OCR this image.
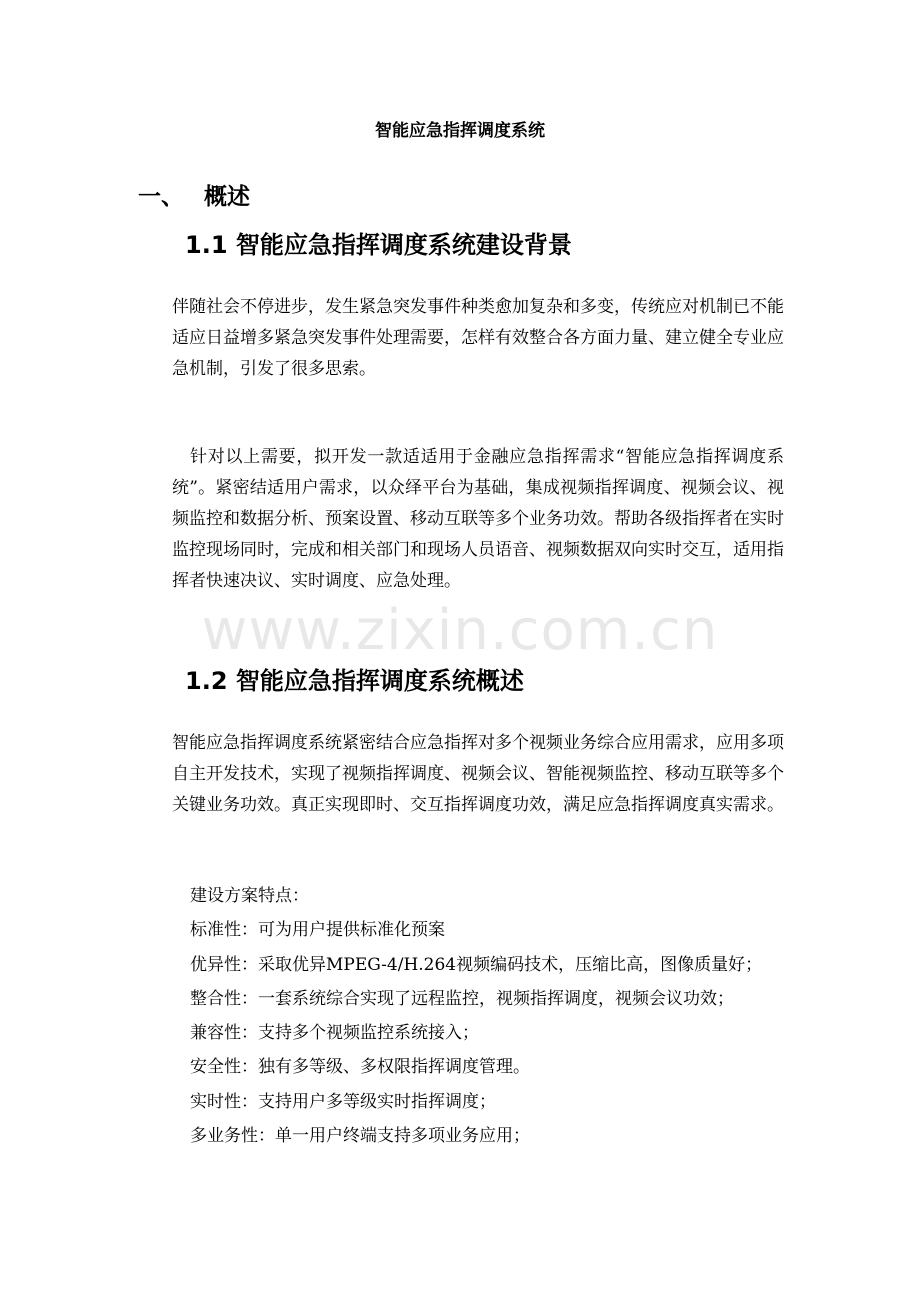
智能应急指挥调度系统
一、 概述
1.1 智能应急指挥调度系统建设背景

伴随社会不停进步，发生紧急突发事件种类愈加复杂和多变，传统应对机制已不能适应日益增多紧急突发事件处理需要，怎样有效整合各方面力量、建立健全专业应急机制，引发了很多思索。

针对以上需要，拟开发一款适适用于金融应急指挥需求“智能应急指挥调度系统”。紧密结适用户需求，以众绎平台为基础，集成视频指挥调度、视频会议、视频监控和数据分析、预案设置、移动互联等多个业务功效。帮助各级指挥者在实时监控现场同时，完成和相关部门和现场人员语音、视频数据双向实时交互，适用指挥者快速决议、实时调度、应急处理。

1.2 智能应急指挥调度系统概述

智能应急指挥调度系统紧密结合应急指挥对多个视频业务综合应用需求，应用多项自主开发技术，实现了视频指挥调度、视频会议、智能视频监控、移动互联等多个关键业务功效。真正实现即时、交互指挥调度功效，满足应急指挥调度真实需求。

建设方案特点：
标准性：可为用户提供标准化预案
优异性：采取优异MPEG-4/H.264视频编码技术，压缩比高，图像质量好；
整合性：一套系统综合实现了远程监控，视频指挥调度，视频会议功效；
兼容性：支持多个视频监控系统接入；
安全性：独有多等级、多权限指挥调度管理。
实时性：支持用户多等级实时指挥调度；
多业务性：单一用户终端支持多项业务应用；
www.zixin.com.cn
